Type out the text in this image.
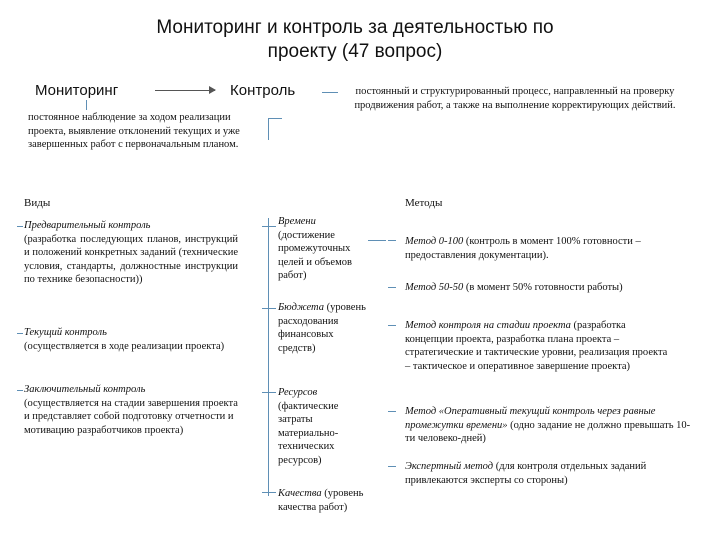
Мониторинг и контроль за деятельностью по проекту (47 вопрос)
Мониторинг	Контроль
постоянное наблюдение за ходом реализации проекта, выявление отклонений текущих и уже завершенных работ с первоначальным планом.
постоянный и структурированный процесс, направленный на проверку продвижения работ, а также на выполнение корректирующих действий.
Виды	Методы
Предварительный контроль
(разработка последующих планов, инструкций и положений конкретных заданий (технические условия, стандарты, должностные инструкции по технике безопасности))
Текущий контроль
(осуществляется в ходе реализации проекта)
Заключительный контроль
(осуществляется на стадии завершения проекта и представляет собой подготовку отчетности и мотивацию разработчиков проекта)
Времени (достижение промежуточных целей и объемов работ)
Бюджета (уровень расходования финансовых средств)
Ресурсов (фактические затраты материально-технических ресурсов)
Качества (уровень качества работ)
Метод 0-100 (контроль в момент 100% готовности – предоставления документации).
Метод 50-50 (в момент 50% готовности работы)
Метод контроля на стадии проекта (разработка концепции проекта, разработка плана проекта – стратегические и тактические уровни, реализация проекта – тактическое и оперативное завершение проекта)
Метод «Оперативный текущий контроль через равные промежутки времени» (одно задание не должно превышать 10-ти человеко-дней)
Экспертный метод (для контроля отдельных заданий привлекаются эксперты со стороны)
